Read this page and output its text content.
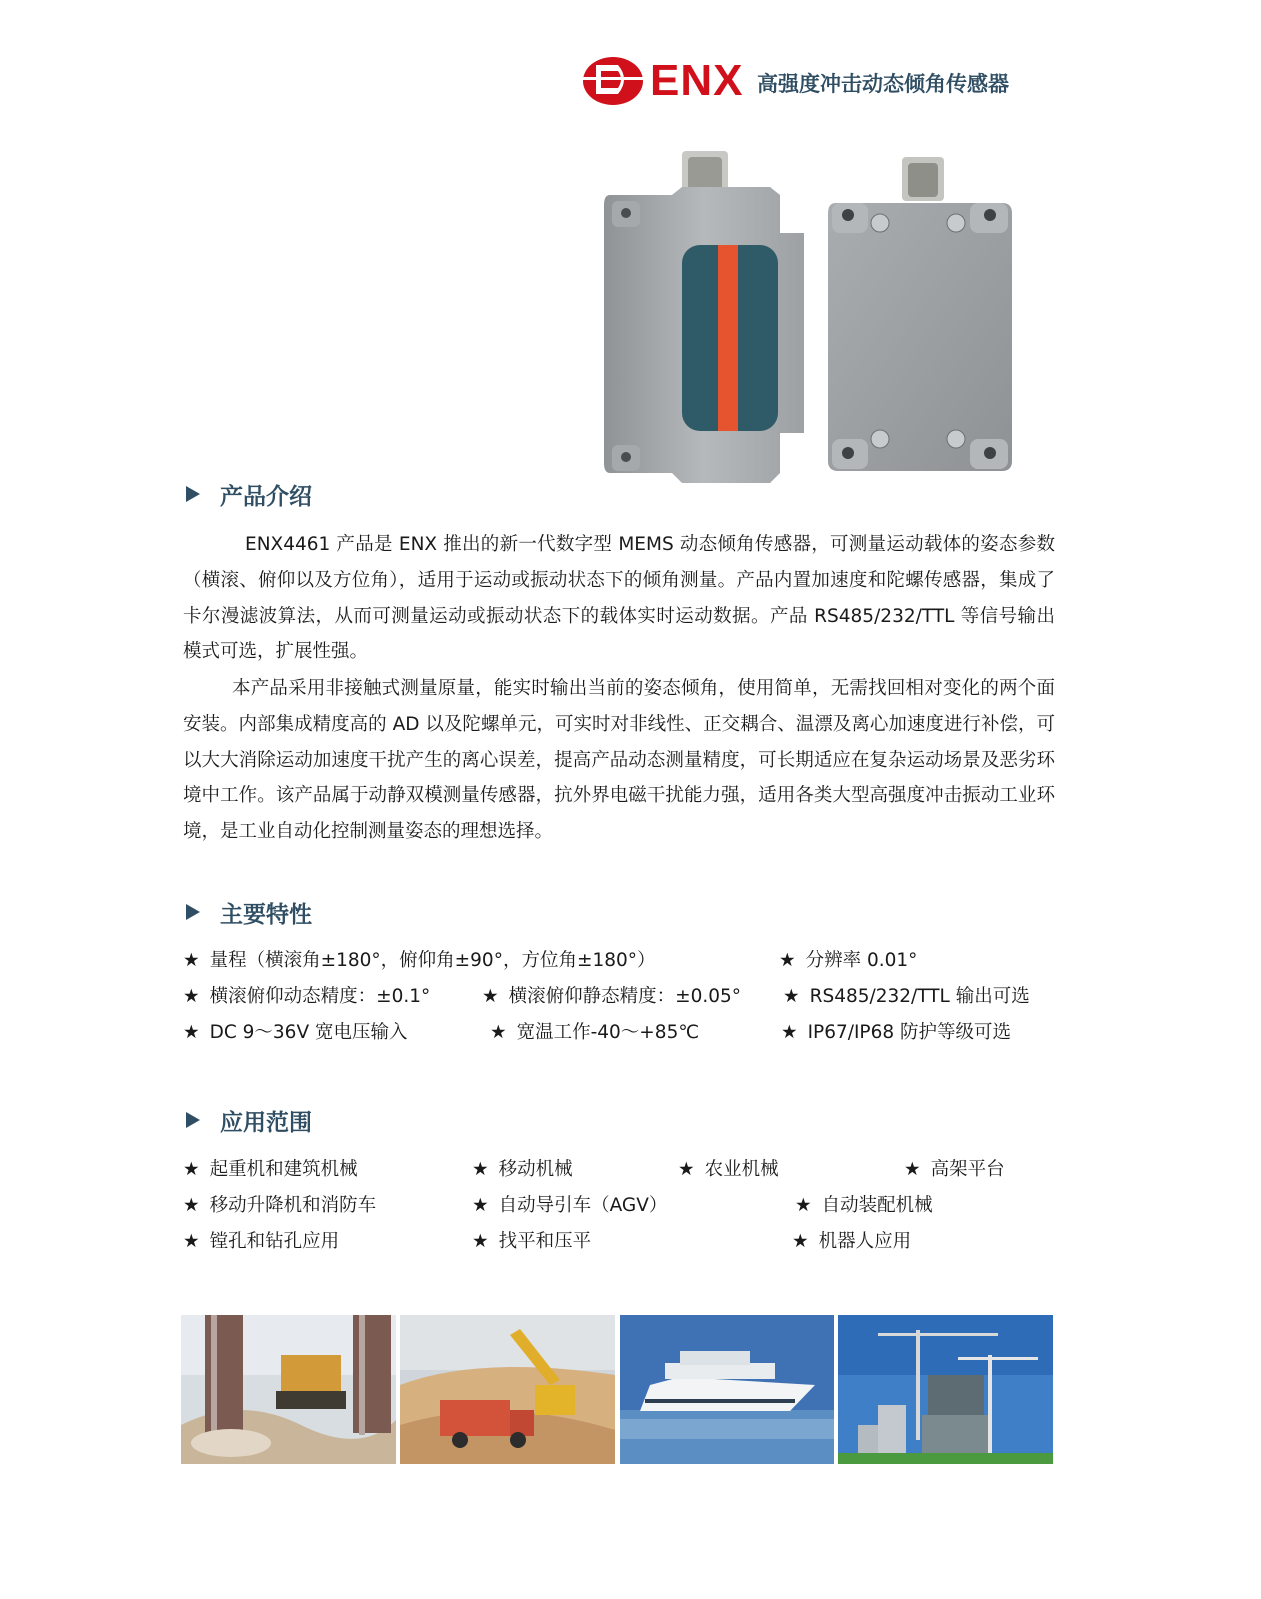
ENX 高强度冲击动态倾角传感器
产品介绍
ENX4461 产品是 ENX 推出的新一代数字型 MEMS 动态倾角传感器，可测量运动载体的姿态参数（横滚、俯仰以及方位角），适用于运动或振动状态下的倾角测量。产品内置加速度和陀螺传感器，集成了卡尔漫滤波算法，从而可测量运动或振动状态下的载体实时运动数据。产品 RS485/232/TTL 等信号输出模式可选，扩展性强。
本产品采用非接触式测量原量，能实时输出当前的姿态倾角，使用简单，无需找回相对变化的两个面安装。内部集成精度高的 AD 以及陀螺单元，可实时对非线性、正交耦合、温漂及离心加速度进行补偿，可以大大消除运动加速度干扰产生的离心误差，提高产品动态测量精度，可长期适应在复杂运动场景及恶劣环境中工作。该产品属于动静双模测量传感器，抗外界电磁干扰能力强，适用各类大型高强度冲击振动工业环境，是工业自动化控制测量姿态的理想选择。
主要特性
★ 量程（横滚角±180°，俯仰角±90°，方位角±180°）	★ 分辨率 0.01°
★ 横滚俯仰动态精度：±0.1°	★ 横滚俯仰静态精度：±0.05° ★ RS485/232/TTL 输出可选
★ DC 9～36V 宽电压输入	★ 宽温工作-40～+85℃	★ IP67/IP68 防护等级可选
应用范围
★ 起重机和建筑机械	★ 移动机械	★ 农业机械	★ 高架平台
★ 移动升降机和消防车	★ 自动导引车（AGV）	★ 自动装配机械
★ 镗孔和钻孔应用	★ 找平和压平	★ 机器人应用
